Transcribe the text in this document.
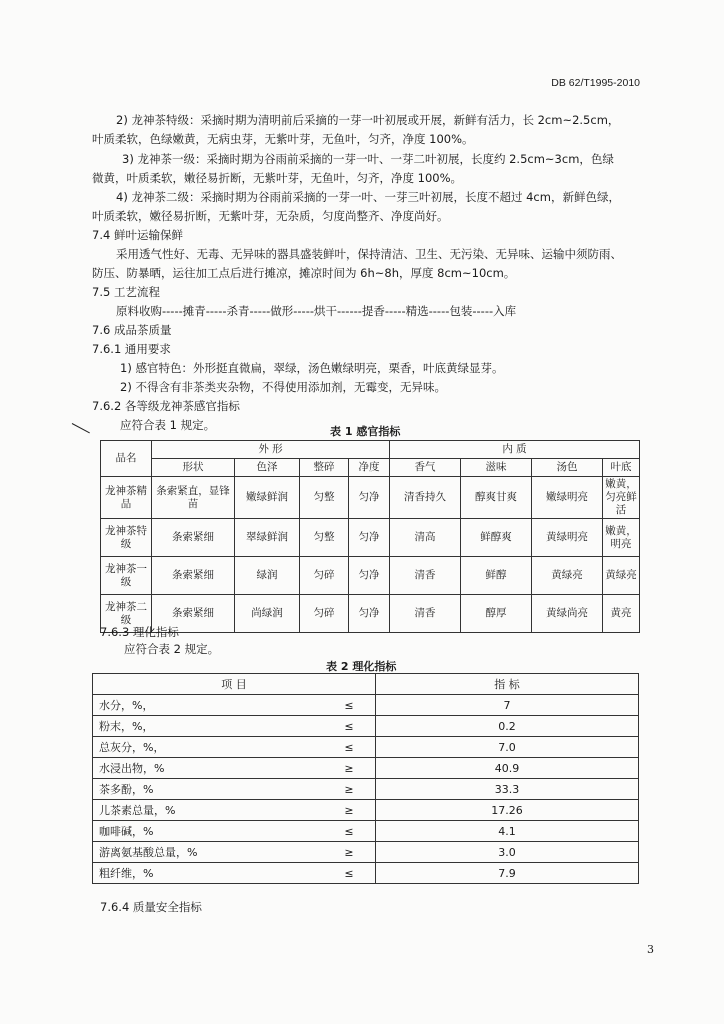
DB 62/T1995-2010
2) 龙神茶特级：采摘时期为清明前后采摘的一芽一叶初展或开展，新鲜有活力，长 2cm~2.5cm，
叶质柔软，色绿嫩黄，无病虫芽，无紫叶芽，无鱼叶，匀齐，净度 100%。
3) 龙神茶一级：采摘时期为谷雨前采摘的一芽一叶、一芽二叶初展，长度约 2.5cm~3cm，色绿
微黄，叶质柔软，嫩径易折断，无紫叶芽，无鱼叶，匀齐，净度 100%。
4) 龙神茶二级：采摘时期为谷雨前采摘的一芽一叶、一芽三叶初展，长度不超过 4cm，新鲜色绿，
叶质柔软，嫩径易折断，无紫叶芽，无杂质，匀度尚整齐、净度尚好。
7.4 鲜叶运输保鲜
采用透气性好、无毒、无异味的器具盛装鲜叶，保持清洁、卫生、无污染、无异味、运输中须防雨、
防压、防暴晒，运往加工点后进行摊凉，摊凉时间为 6h~8h，厚度 8cm~10cm。
7.5 工艺流程
原料收购-----摊青-----杀青-----做形-----烘干------提香-----精选-----包装-----入库
7.6 成品茶质量
7.6.1 通用要求
1) 感官特色：外形挺直微扁，翠绿，汤色嫩绿明亮，栗香，叶底黄绿显芽。
2) 不得含有非茶类夹杂物，不得使用添加剂，无霉变，无异味。
7.6.2 各等级龙神茶感官指标
应符合表 1 规定。	表 1 感官指标
品名	外 形				内 质			
	形状	色泽	整碎	净度	香气	滋味	汤色	叶底
龙神茶精品	条索紧直，显锋苗	嫩绿鲜润	匀整	匀净	清香持久	醇爽甘爽	嫩绿明亮	嫩黄，匀亮鲜活
龙神茶特级	条索紧细	翠绿鲜润	匀整	匀净	清高	鲜醇爽	黄绿明亮	嫩黄，明亮
龙神茶一级	条索紧细	绿润	匀碎	匀净	清香	鲜醇	黄绿亮	黄绿亮
龙神茶二级	条索紧细	尚绿润	匀碎	匀净	清香	醇厚	黄绿尚亮	黄亮
7.6.3 理化指标
应符合表 2 规定。
表 2 理化指标
项 目		指 标
水分，%，	≤	7
粉末，%，	≤	0.2
总灰分，%，	≤	7.0
水浸出物，%	≥	40.9
茶多酚，%	≥	33.3
儿茶素总量，%	≥	17.26
咖啡碱，%	≤	4.1
游离氨基酸总量，%	≥	3.0
粗纤维，%	≤	7.9
7.6.4 质量安全指标
3
